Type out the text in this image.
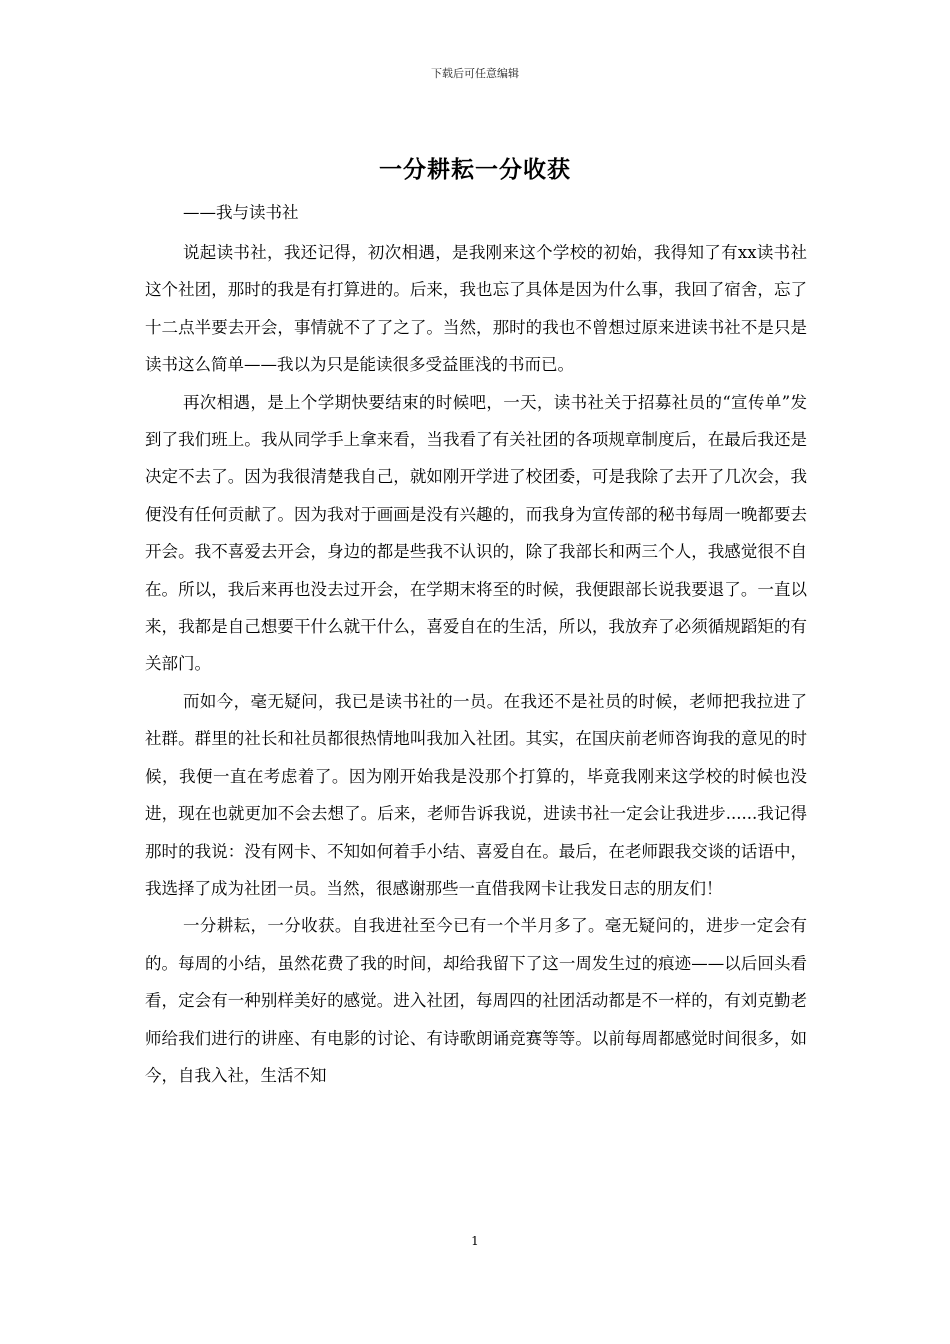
下载后可任意编辑
一分耕耘一分收获
——我与读书社

说起读书社，我还记得，初次相遇，是我刚来这个学校的初始，我得知了有xx读书社这个社团，那时的我是有打算进的。后来，我也忘了具体是因为什么事，我回了宿舍，忘了十二点半要去开会，事情就不了了之了。当然，那时的我也不曾想过原来进读书社不是只是读书这么简单——我以为只是能读很多受益匪浅的书而已。

再次相遇，是上个学期快要结束的时候吧，一天，读书社关于招募社员的“宣传单”发到了我们班上。我从同学手上拿来看，当我看了有关社团的各项规章制度后，在最后我还是决定不去了。因为我很清楚我自己，就如刚开学进了校团委，可是我除了去开了几次会，我便没有任何贡献了。因为我对于画画是没有兴趣的，而我身为宣传部的秘书每周一晚都要去开会。我不喜爱去开会，身边的都是些我不认识的，除了我部长和两三个人，我感觉很不自在。所以，我后来再也没去过开会，在学期末将至的时候，我便跟部长说我要退了。一直以来，我都是自己想要干什么就干什么，喜爱自在的生活，所以，我放弃了必须循规蹈矩的有关部门。

而如今，毫无疑问，我已是读书社的一员。在我还不是社员的时候，老师把我拉进了社群。群里的社长和社员都很热情地叫我加入社团。其实，在国庆前老师咨询我的意见的时候，我便一直在考虑着了。因为刚开始我是没那个打算的，毕竟我刚来这学校的时候也没进，现在也就更加不会去想了。后来，老师告诉我说，进读书社一定会让我进步......我记得那时的我说：没有网卡、不知如何着手小结、喜爱自在。最后，在老师跟我交谈的话语中，我选择了成为社团一员。当然，很感谢那些一直借我网卡让我发日志的朋友们！

一分耕耘，一分收获。自我进社至今已有一个半月多了。毫无疑问的，进步一定会有的。每周的小结，虽然花费了我的时间，却给我留下了这一周发生过的痕迹——以后回头看看，定会有一种别样美好的感觉。进入社团，每周四的社团活动都是不一样的，有刘克勤老师给我们进行的讲座、有电影的讨论、有诗歌朗诵竞赛等等。以前每周都感觉时间很多，如今，自我入社，生活不知

1
